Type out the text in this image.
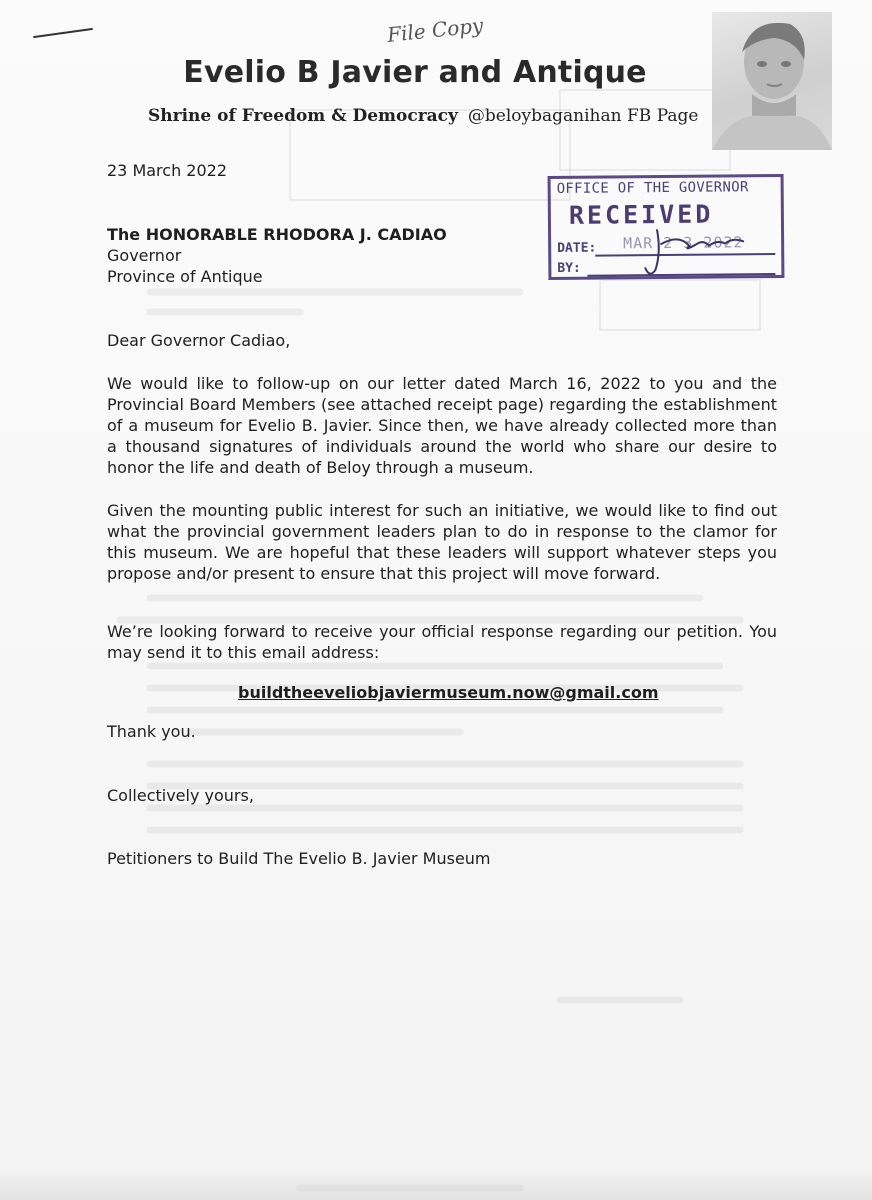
File Copy
Evelio B Javier and Antique
Shrine of Freedom & Democracy @beloybaganihan FB Page
OFFICE OF THE GOVERNOR
RECEIVED
DATE: MAR 2 3 2022
BY:
23 March 2022
The HONORABLE RHODORA J. CADIAO
Governor
Province of Antique
Dear Governor Cadiao,
We would like to follow-up on our letter dated March 16, 2022 to you and the Provincial Board Members (see attached receipt page) regarding the establishment of a museum for Evelio B. Javier. Since then, we have already collected more than a thousand signatures of individuals around the world who share our desire to honor the life and death of Beloy through a museum.
Given the mounting public interest for such an initiative, we would like to find out what the provincial government leaders plan to do in response to the clamor for this museum. We are hopeful that these leaders will support whatever steps you propose and/or present to ensure that this project will move forward.
We’re looking forward to receive your official response regarding our petition. You may send it to this email address:
buildtheeveliobjaviermuseum.now@gmail.com
Thank you.
Collectively yours,
Petitioners to Build The Evelio B. Javier Museum
